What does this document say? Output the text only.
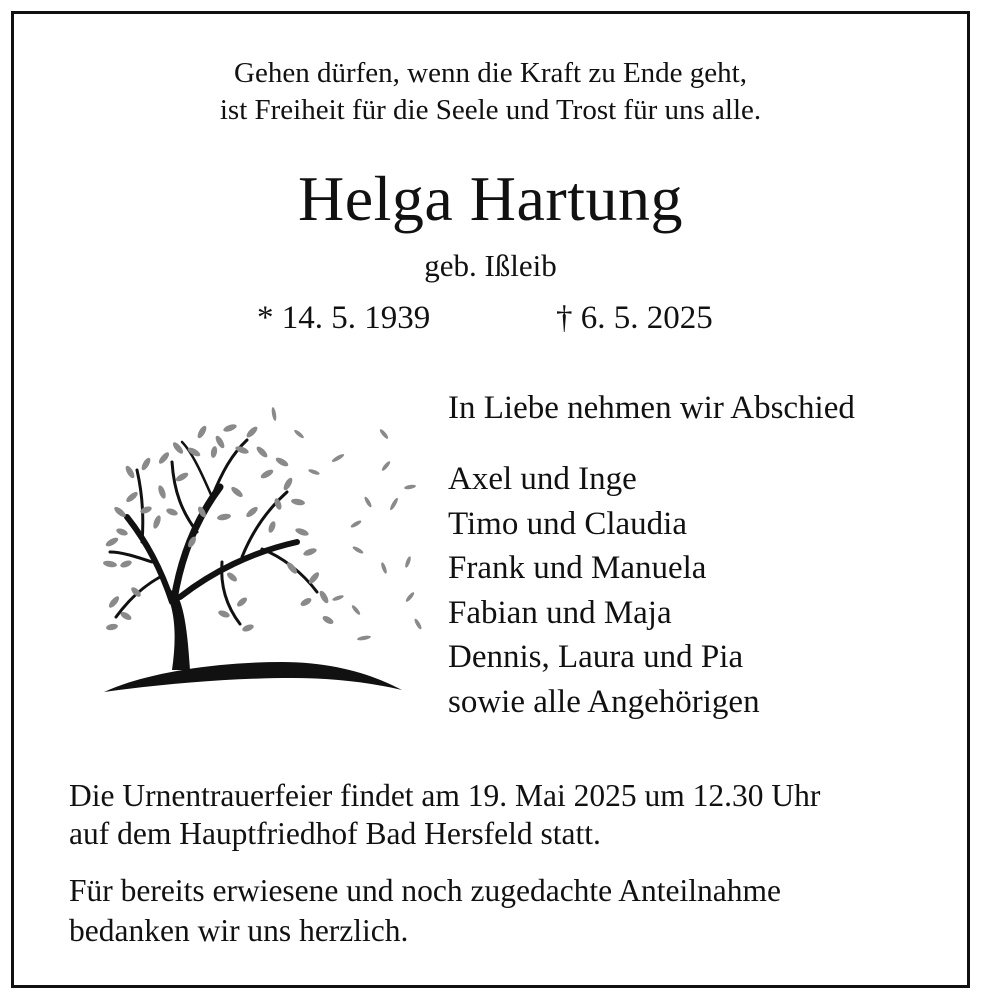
Gehen dürfen, wenn die Kraft zu Ende geht,
ist Freiheit für die Seele und Trost für uns alle.
Helga Hartung
geb. Ißleib
* 14. 5. 1939	† 6. 5. 2025
In Liebe nehmen wir Abschied
Axel und Inge
Timo und Claudia
Frank und Manuela
Fabian und Maja
Dennis, Laura und Pia
sowie alle Angehörigen
Die Urnentrauerfeier findet am 19. Mai 2025 um 12.30 Uhr
auf dem Hauptfriedhof Bad Hersfeld statt.
Für bereits erwiesene und noch zugedachte Anteilnahme
bedanken wir uns herzlich.
